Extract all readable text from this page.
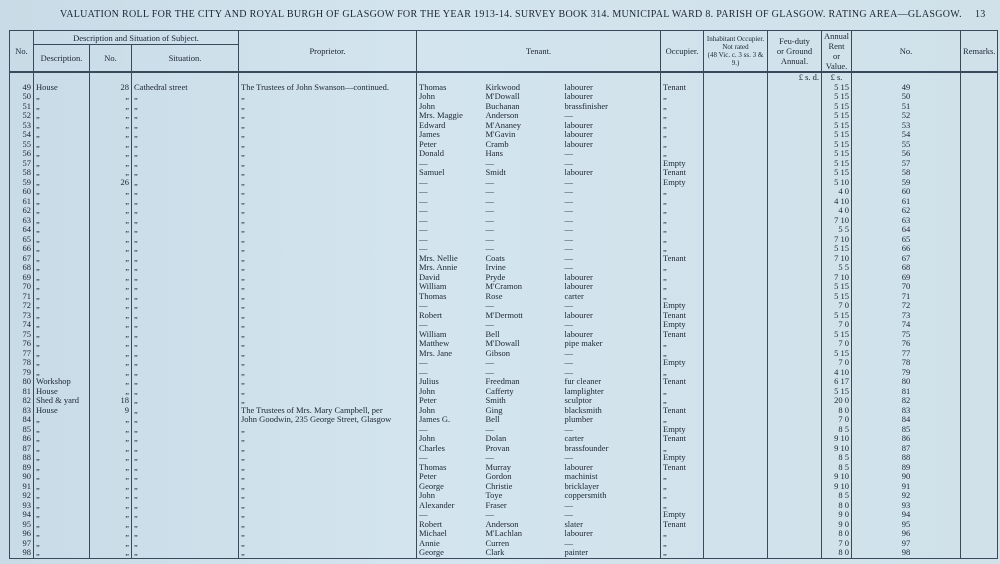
VALUATION ROLL FOR THE CITY AND ROYAL BURGH OF GLASGOW FOR THE YEAR 1913-14. SURVEY BOOK 314. MUNICIPAL WARD 8. PARISH OF GLASGOW. RATING AREA—GLASGOW. 13
No.	Description and Situation of Subject.			Proprietor.	Tenant.			Occupier.	Inhabitant Occupier.
Not rated
(48 Vic. c. 3 ss. 3 & 9.)	Feu-duty
or Ground
Annual.	Annual
Rent or
Value.	No.	Remarks.
	Description.	No.	Situation.										
										£ s. d.	£ s.		
49	House	28	Cathedral street	The Trustees of John Swanson—continued.	Thomas	Kirkwood	labourer	Tenant			5 15	49	
50	„	„	„	„	John	M'Dowall	labourer	„			5 15	50	
51	„	„	„	„	John	Buchanan	brassfinisher	„			5 15	51	
52	„	„	„	„	Mrs. Maggie	Anderson	—	„			5 15	52	
53	„	„	„	„	Edward	M'Ananey	labourer	„			5 15	53	
54	„	„	„	„	James	M'Gavin	labourer	„			5 15	54	
55	„	„	„	„	Peter	Cramb	labourer	„			5 15	55	
56	„	„	„	„	Donald	Hans	—	„			5 15	56	
57	„	„	„	„	—	—	—	Empty			5 15	57	
58	„	„	„	„	Samuel	Smidt	labourer	Tenant			5 15	58	
59	„	26	„	„	—	—	—	Empty			5 10	59	
60	„	„	„	„	—	—	—	„			4 0	60	
61	„	„	„	„	—	—	—	„			4 10	61	
62	„	„	„	„	—	—	—	„			4 0	62	
63	„	„	„	„	—	—	—	„			7 10	63	
64	„	„	„	„	—	—	—	„			5 5	64	
65	„	„	„	„	—	—	—	„			7 10	65	
66	„	„	„	„	—	—	—	„			5 15	66	
67	„	„	„	„	Mrs. Nellie	Coats	—	Tenant			7 10	67	
68	„	„	„	„	Mrs. Annie	Irvine	—	„			5 5	68	
69	„	„	„	„	David	Pryde	labourer	„			7 10	69	
70	„	„	„	„	William	M'Cramon	labourer	„			5 15	70	
71	„	„	„	„	Thomas	Rose	carter	„			5 15	71	
72	„	„	„	„	—	—	—	Empty			7 0	72	
73	„	„	„	„	Robert	M'Dermott	labourer	Tenant			5 15	73	
74	„	„	„	„	—	—	—	Empty			7 0	74	
75	„	„	„	„	William	Bell	labourer	Tenant			5 15	75	
76	„	„	„	„	Matthew	M'Dowall	pipe maker	„			7 0	76	
77	„	„	„	„	Mrs. Jane	Gibson	—	„			5 15	77	
78	„	„	„	„	—	—	—	Empty			7 0	78	
79	„	„	„	„	—	—	—	„			4 10	79	
80	Workshop	„	„	„	Julius	Freedman	fur cleaner	Tenant			6 17	80	
81	House	„	„	„	John	Cafferty	lamplighter	„			5 15	81	
82	Shed & yard	18	„	„	Peter	Smith	sculptor	„			20 0	82	
83	House	9	„	The Trustees of Mrs. Mary Campbell, per	John	Ging	blacksmith	Tenant			8 0	83	
84	„	„	„	John Goodwin, 235 George Street, Glasgow	James G.	Bell	plumber	„			7 0	84	
85	„	„	„	„	—	—	—	Empty			8 5	85	
86	„	„	„	„	John	Dolan	carter	Tenant			9 10	86	
87	„	„	„	„	Charles	Provan	brassfounder	„			9 10	87	
88	„	„	„	„	—	—	—	Empty			8 5	88	
89	„	„	„	„	Thomas	Murray	labourer	Tenant			8 5	89	
90	„	„	„	„	Peter	Gordon	machinist	„			9 10	90	
91	„	„	„	„	George	Christie	bricklayer	„			9 10	91	
92	„	„	„	„	John	Toye	coppersmith	„			8 5	92	
93	„	„	„	„	Alexander	Fraser	—	„			8 0	93	
94	„	„	„	„	—	—	—	Empty			9 0	94	
95	„	„	„	„	Robert	Anderson	slater	Tenant			9 0	95	
96	„	„	„	„	Michael	M'Lachlan	labourer	„			8 0	96	
97	„	„	„	„	Annie	Curren	—	„			7 0	97	
98	„	„	„	„	George	Clark	painter	„			8 0	98	
